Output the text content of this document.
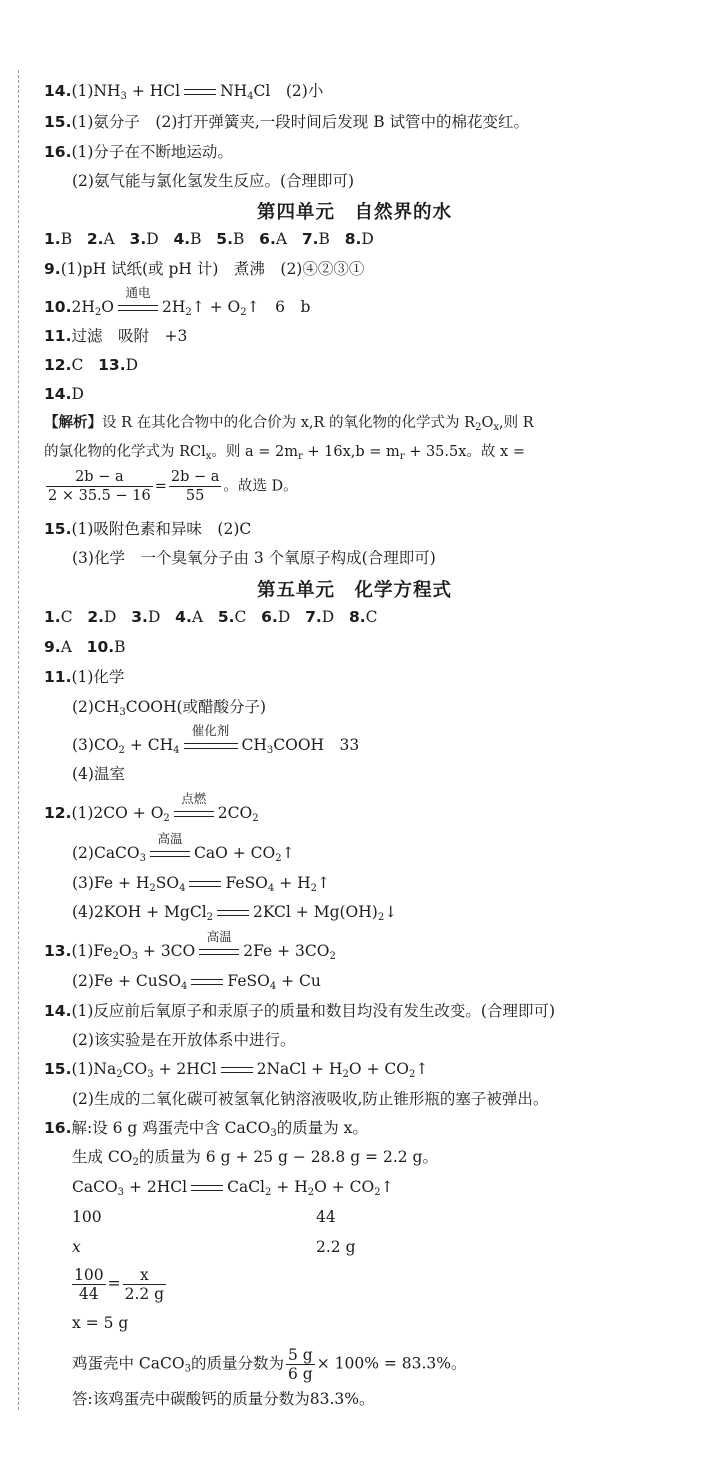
$14.(1)NH_3$ + HCl	$NH_4Cl$　(2)小
15.(1)氨分子　(2)打开弹簧夹,一段时间后发现 B 试管中的棉花变红。
16.(1)分子在不断地运动。
(2)氨气能与氯化氢发生反应。(合理即可)
第四单元　自然界的水
1.B 2.A 3.D 4.B 5.B 6.A 7.B 8.D
9.(1)pH 试纸(或 pH 计)　煮沸　(2)④②③①
$10.2H_2O$
通电
$2H_2↑$ + $O_2↑$　6　b
11.过滤　吸附　+3
12.C 13.D
14.D
【解析】设 R 在其化合物中的化合价为 x,R 的氧化物的化学式为 $R_2O_x$,则 R
的氯化物的化学式为 RCl$_x$。则 $a = 2m_r + 16x,b = m_r + 35.5x$。故 x =
$\frac{2b - a}{2 \times 35.5 - 16} = \frac{2b - a}{55}$ 。故选 D。
15.(1)吸附色素和异味　(2)C
(3)化学　一个臭氧分子由 3 个氧原子构成(合理即可)
第五单元　化学方程式
1.C 2.D 3.D 4.A 5.C 6.D 7.D 8.C
9.A 10.B
11.(1)化学
$(2)CH_3COOH$(或醋酸分子)
$(3)CO_2 + CH_4$
催化剂
$CH_3COOH$　33
(4)温室
$12.(1)2CO + O_2$
点燃
$2CO_2$
(2)CaCO$_3$
高温
CaO + $CO_2↑$
$(3)Fe + H_2SO_4$	FeSO$_4$ + $H_2↑$
(4)2KOH + MgCl$_2$	$2KCl + Mg(OH)_2↓$
$13.(1)Fe_2O_3 + 3CO$
高温
$2Fe + 3CO_2$
(2)Fe + CuSO$_4$	FeSO$_4$ + Cu
14.(1)反应前后氧原子和汞原子的质量和数目均没有发生改变。(合理即可)
(2)该实验是在开放体系中进行。
$15.(1)Na_2CO_3 + 2HCl$	2NaCl + $H_2O$ + $CO_2↑$
(2)生成的二氧化碳可被氢氧化钠溶液吸收,防止锥形瓶的塞子被弹出。
16.解:设 6 g 鸡蛋壳中含 CaCO$_3$的质量为 x。
生成 $CO_2$的质量为 6 g + 25 g − 28.8 g = 2.2 g。
CaCO$_3$ + 2HCl	CaCl$_2$ + $H_2O$ + $CO_2↑$
100	44
x	2.2 g
$\frac{100}{44} = \frac{x}{2.2 g}$
x = 5 g
鸡蛋壳中 CaCO$_3$的质量分数为 $\frac{5 g}{6 g} \times 100\% = 83.3\%$。
答:该鸡蛋壳中碳酸钙的质量分数为83.3%。
